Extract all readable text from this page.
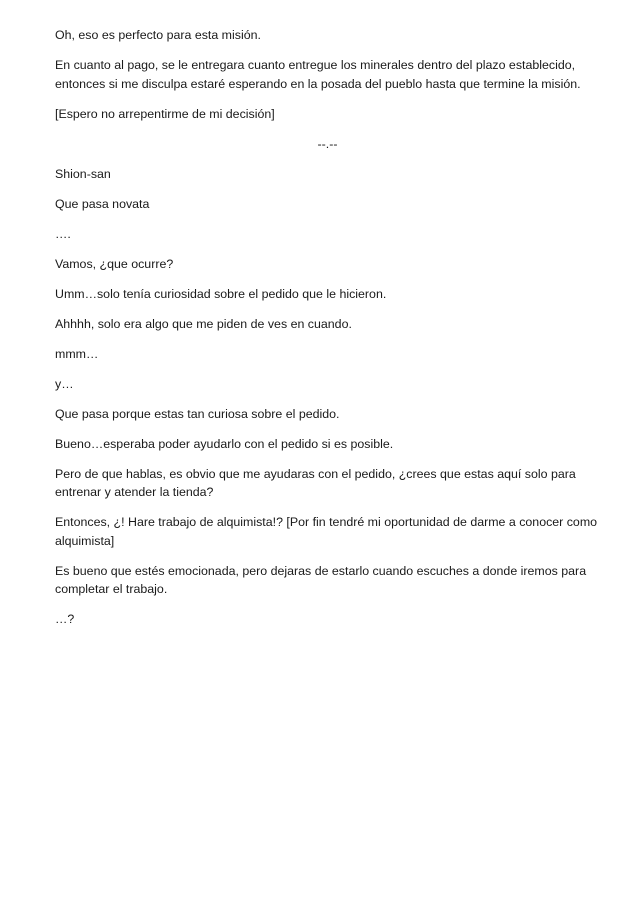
Oh, eso es perfecto para esta misión.

En cuanto al pago, se le entregara cuanto entregue los minerales dentro del plazo establecido, entonces si me disculpa estaré esperando en la posada del pueblo hasta que termine la misión.

[Espero no arrepentirme de mi decisión]

--.--

Shion-san

Que pasa novata

….

Vamos, ¿que ocurre?

Umm…solo tenía curiosidad sobre el pedido que le hicieron.

Ahhhh, solo era algo que me piden de ves en cuando.

mmm…

y…

Que pasa porque estas tan curiosa sobre el pedido.

Bueno…esperaba poder ayudarlo con el pedido si es posible.

Pero de que hablas, es obvio que me ayudaras con el pedido, ¿crees que estas aquí solo para entrenar y atender la tienda?

Entonces, ¿! Hare trabajo de alquimista!? [Por fin tendré mi oportunidad de darme a conocer como alquimista]

Es bueno que estés emocionada, pero dejaras de estarlo cuando escuches a donde iremos para completar el trabajo.

…?
